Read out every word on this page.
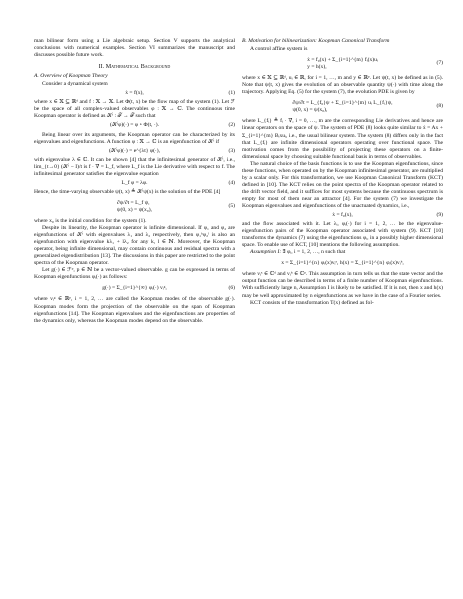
man bilinear form using a Lie algebraic setup. Section V supports the analytical conclusions with numerical examples. Section VI summarizes the manuscript and discusses possible future work.

II. Mathematical Background
A. Overview of Koopman Theory

Consider a dynamical system

ẋ = f(x),	(1)

where x ∈ 𝕏 ⊆ ℝᵈ and f : 𝕏 → 𝕏. Let Φ(t, x) be the flow map of the system (1). Let ℱ be the space of all complex-valued observables φ : 𝕏 → ℂ. The continuous time Koopman operator is defined as 𝒦ᵗ : ℱ → ℱ such that

(𝒦ᵗφ)(·) = φ ∘ Φ(t, ·).	(2)

Being linear over its arguments, the Koopman operator can be characterized by its eigenvalues and eigenfunctions. A function φ : 𝕏 → ℂ is an eigenfunction of 𝒦ᵗ if

(𝒦ᵗφ)(·) = e^{λt} φ(·),	(3)

with eigenvalue λ ∈ ℂ. It can be shown [4] that the infinitesimal generator of 𝒦ᵗ, i.e., lim_{t→0} (𝒦ᵗ − I)/t is f · ∇ = L_f, where L_f is the Lie derivative with respect to f. The infinitesimal generator satisfies the eigenvalue equation

L_f φ = λφ.	(4)

Hence, the time-varying observable ψ(t, x) ≜ 𝒦ᵗψ(x) is the solution of the PDE [4]

∂ψ/∂t = L_f ψ,
ψ(0, x) = ψ(x₀),
(5)

where x₀ is the initial condition for the system (1).

Despite its linearity, the Koopman operator is infinite dimensional. If φ₁ and φ₂ are eigenfunctions of 𝒦ᵗ with eigenvalues λ₁ and λ₂ respectively, then φ₁ᵏφ₂ˡ is also an eigenfunction with eigenvalue kλ₁ + lλ₂ for any k, l ∈ ℕ. Moreover, the Koopman operator, being infinite dimensional, may contain continuous and residual spectra with a generalized eigendistribution [13]. The discussions in this paper are restricted to the point spectra of the Koopman operator.

Let g(·) ∈ ℱᵖ, p ∈ ℕ be a vector-valued observable. g can be expressed in terms of Koopman eigenfunctions φᵢ(·) as follows:

g(·) = Σ_{i=1}^{∞} φᵢ(·) vᵢᵍ,	(6)

where vᵢᵍ ∈ ℝᵖ, i = 1, 2, … are called the Koopman modes of the observable g(·). Koopman modes form the projection of the observable on the span of Koopman eigenfunctions [14]. The Koopman eigenvalues and the eigenfunctions are properties of the dynamics only, whereas the Koopman modes depend on the observable.

B. Motivation for bilinearization: Koopman Canonical Transform

A control affine system is

ẋ = f₀(x) + Σ_{i=1}^{m} fᵢ(x)uᵢ
y = h(x),
(7)

where x ∈ 𝕏 ⊆ ℝᵈ, uᵢ ∈ ℝ, for i = 1, …, m and y ∈ ℝᵖ. Let ψ(t, x) be defined as in (5). Note that ψ(t, x) gives the evolution of an observable quantity ψ(·) with time along the trajectory. Applying Eq. (5) for the system (7), the evolution PDE is given by

∂ψ/∂t = L_{f₀}ψ + Σ_{i=1}^{m} uᵢ L_{fᵢ}ψ,
ψ(0, x) = ψ(x₀),
(8)

where L_{fᵢ} ≜ fᵢ · ∇, i = 0, …, m are the corresponding Lie derivatives and hence are linear operators on the space of ψ. The system of PDE (8) looks quite similar to ẋ = Ax + Σ_{i=1}^{m} Bᵢxuᵢ, i.e., the usual bilinear system. The system (8) differs only in the fact that L_{fᵢ} are infinite dimensional operators operating over functional space. The motivation comes from the possibility of projecting these operators on a finite-dimensional space by choosing suitable functional basis in terms of observables.

The natural choice of the basis functions is to use the Koopman eigenfunctions, since these functions, when operated on by the Koopman infinitesimal generator, are multiplied by a scalar only. For this transformation, we use Koopman Canonical Transform (KCT) defined in [10]. The KCT relies on the point spectra of the Koopman operator related to the drift vector field, and it suffices for most systems because the continuous spectrum is empty for most of them near an attractor [4]. For the system (7) we investigate the Koopman eigenvalues and eigenfunctions of the unactuated dynamics, i.e.,

ẋ = f₀(x),	(9)

and the flow associated with it. Let λᵢ, φᵢ(·) for i = 1, 2, … be the eigenvalue-eigenfunction pairs of the Koopman operator associated with system (9). KCT [10] transforms the dynamics (7) using the eigenfunctions φᵢ, in a possibly higher dimensional space. To enable use of KCT, [10] mentions the following assumption.

Assumption I: ∃ φᵢ, i = 1, 2, …, n such that

x = Σ_{i=1}^{n} φᵢ(x)vᵢˣ, h(x) = Σ_{i=1}^{n} φᵢ(x)vᵢʰ,

where vᵢˣ ∈ ℂᵈ and vᵢʰ ∈ ℂᵖ. This assumption in turn tells us that the state vector and the output function can be described in terms of a finite number of Koopman eigenfunctions. With sufficiently large n, Assumption I is likely to be satisfied. If it is not, then x and h(x) may be well approximated by n eigenfunctions as we have in the case of a Fourier series.

KCT consists of the transformation T(x) defined as fol-
